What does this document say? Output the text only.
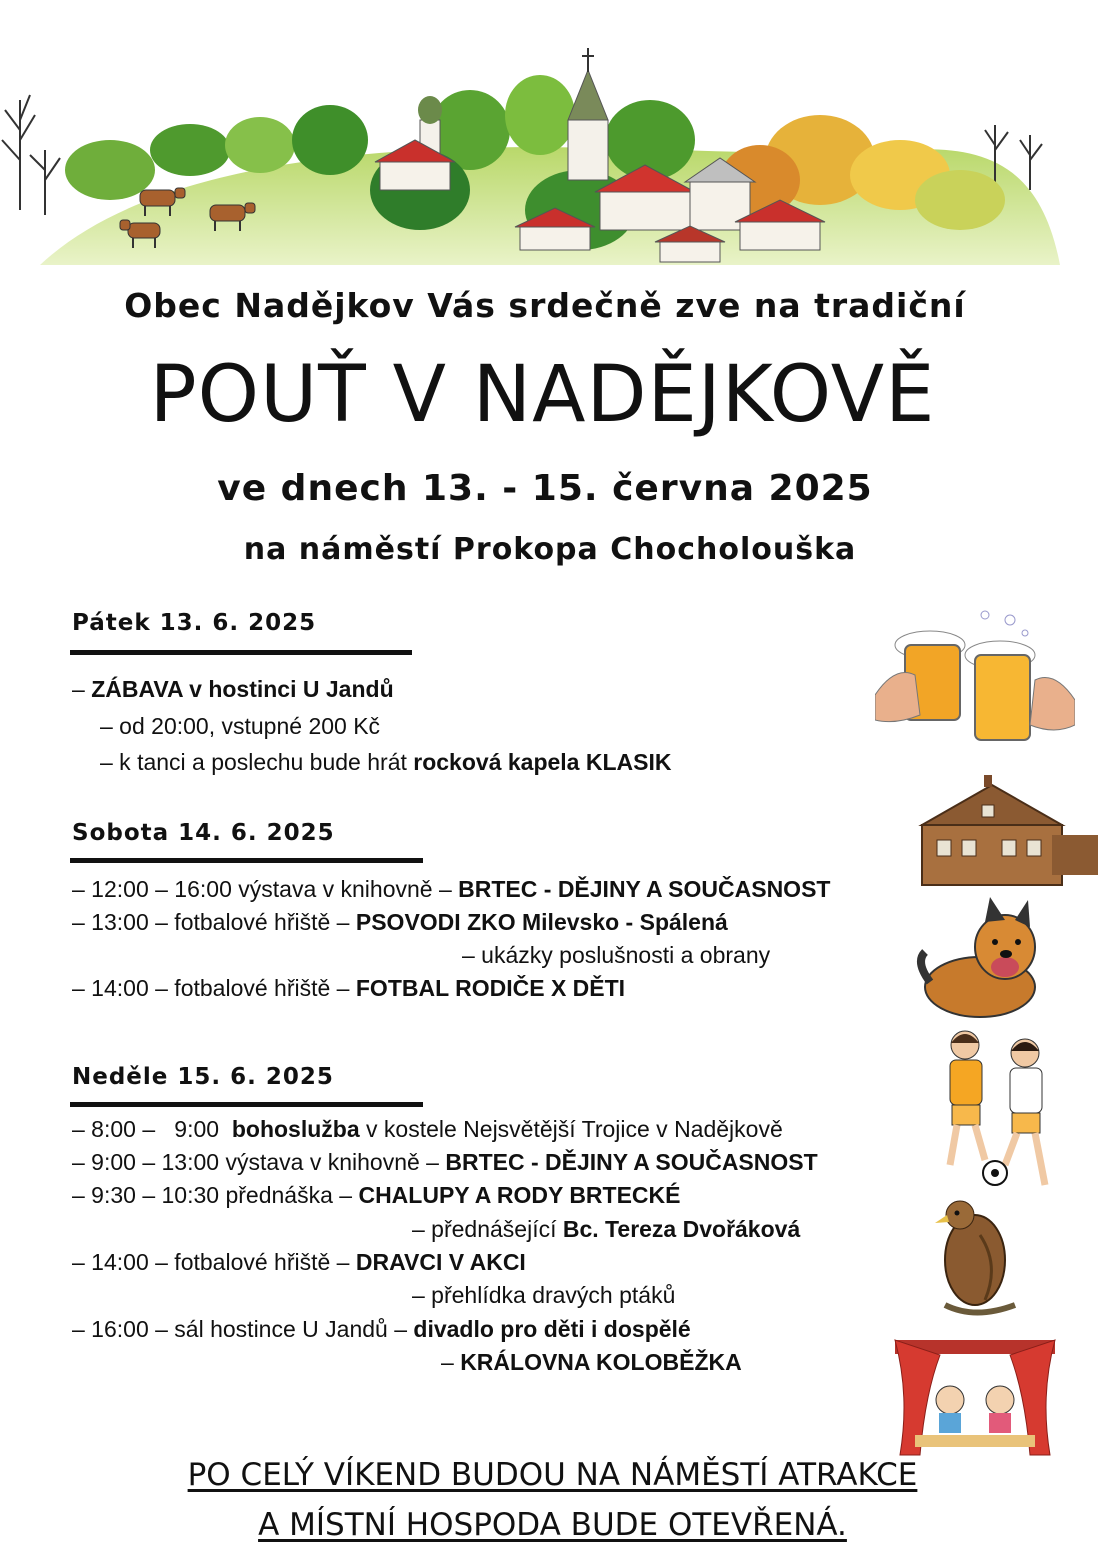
Obec Nadějkov Vás srdečně zve na tradiční
POUŤ V NADĚJKOVĚ
ve dnech 13. - 15. června 2025
na náměstí Prokopa Chocholouška
Pátek 13. 6. 2025
– ZÁBAVA v hostinci U Jandů
– od 20:00, vstupné 200 Kč
– k tanci a poslechu bude hrát rocková kapela KLASIK
Sobota 14. 6. 2025
– 12:00 – 16:00 výstava v knihovně – BRTEC - DĚJINY A SOUČASNOST
– 13:00 – fotbalové hřiště – PSOVODI ZKO Milevsko - Spálená
– ukázky poslušnosti a obrany
– 14:00 – fotbalové hřiště – FOTBAL RODIČE X DĚTI
Neděle 15. 6. 2025
– 8:00 –   9:00  bohoslužba v kostele Nejsvětější Trojice v Nadějkově
– 9:00 – 13:00 výstava v knihovně – BRTEC - DĚJINY A SOUČASNOST
– 9:30 – 10:30 přednáška – CHALUPY A RODY BRTECKÉ
– přednášející Bc. Tereza Dvořáková
– 14:00 – fotbalové hřiště – DRAVCI V AKCI
– přehlídka dravých ptáků
– 16:00 – sál hostince U Jandů – divadlo pro děti i dospělé
– KRÁLOVNA KOLOBĚŽKA
PO CELÝ VÍKEND BUDOU NA NÁMĚSTÍ ATRAKCE
A MÍSTNÍ HOSPODA BUDE OTEVŘENÁ.
